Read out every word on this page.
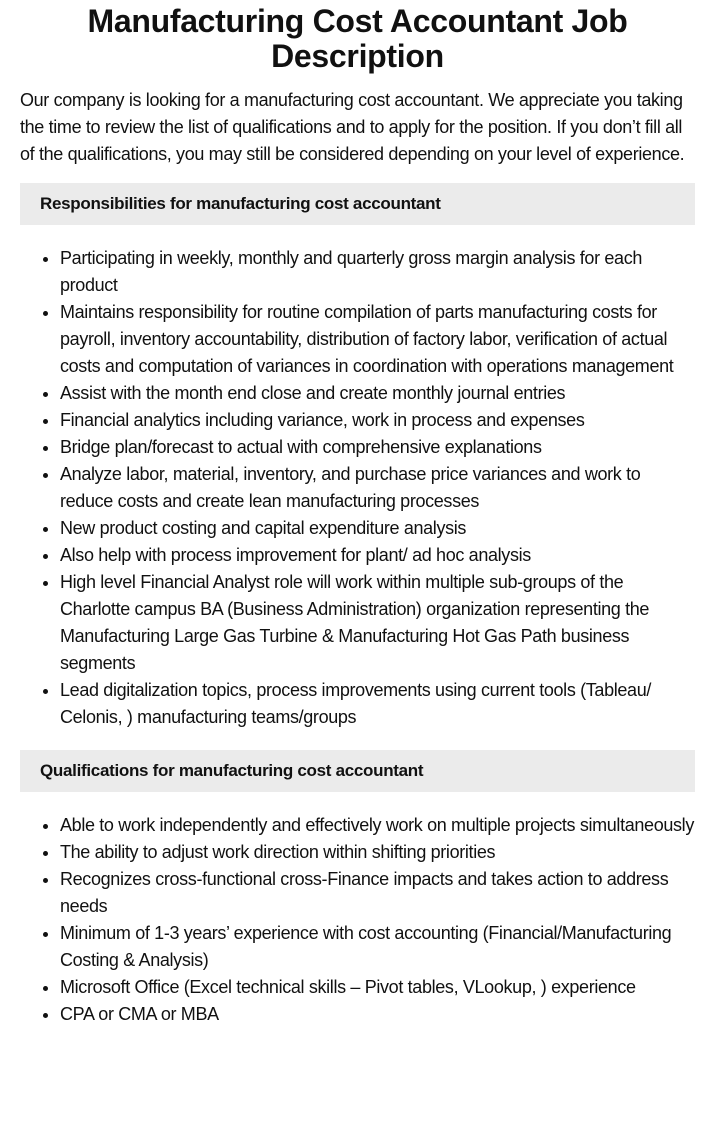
Manufacturing Cost Accountant Job Description

Our company is looking for a manufacturing cost accountant. We appreciate you taking the time to review the list of qualifications and to apply for the position. If you don’t fill all of the qualifications, you may still be considered depending on your level of experience.

Responsibilities for manufacturing cost accountant
• Participating in weekly, monthly and quarterly gross margin analysis for each product
• Maintains responsibility for routine compilation of parts manufacturing costs for payroll, inventory accountability, distribution of factory labor, verification of actual costs and computation of variances in coordination with operations management
• Assist with the month end close and create monthly journal entries
• Financial analytics including variance, work in process and expenses
• Bridge plan/forecast to actual with comprehensive explanations
• Analyze labor, material, inventory, and purchase price variances and work to reduce costs and create lean manufacturing processes
• New product costing and capital expenditure analysis
• Also help with process improvement for plant/ ad hoc analysis
• High level Financial Analyst role will work within multiple sub-groups of the Charlotte campus BA (Business Administration) organization representing the Manufacturing Large Gas Turbine & Manufacturing Hot Gas Path business segments
• Lead digitalization topics, process improvements using current tools (Tableau/ Celonis, ) manufacturing teams/groups
Qualifications for manufacturing cost accountant
• Able to work independently and effectively work on multiple projects simultaneously
• The ability to adjust work direction within shifting priorities
• Recognizes cross-functional cross-Finance impacts and takes action to address needs
• Minimum of 1-3 years’ experience with cost accounting (Financial/Manufacturing Costing & Analysis)
• Microsoft Office (Excel technical skills – Pivot tables, VLookup, ) experience
• CPA or CMA or MBA
